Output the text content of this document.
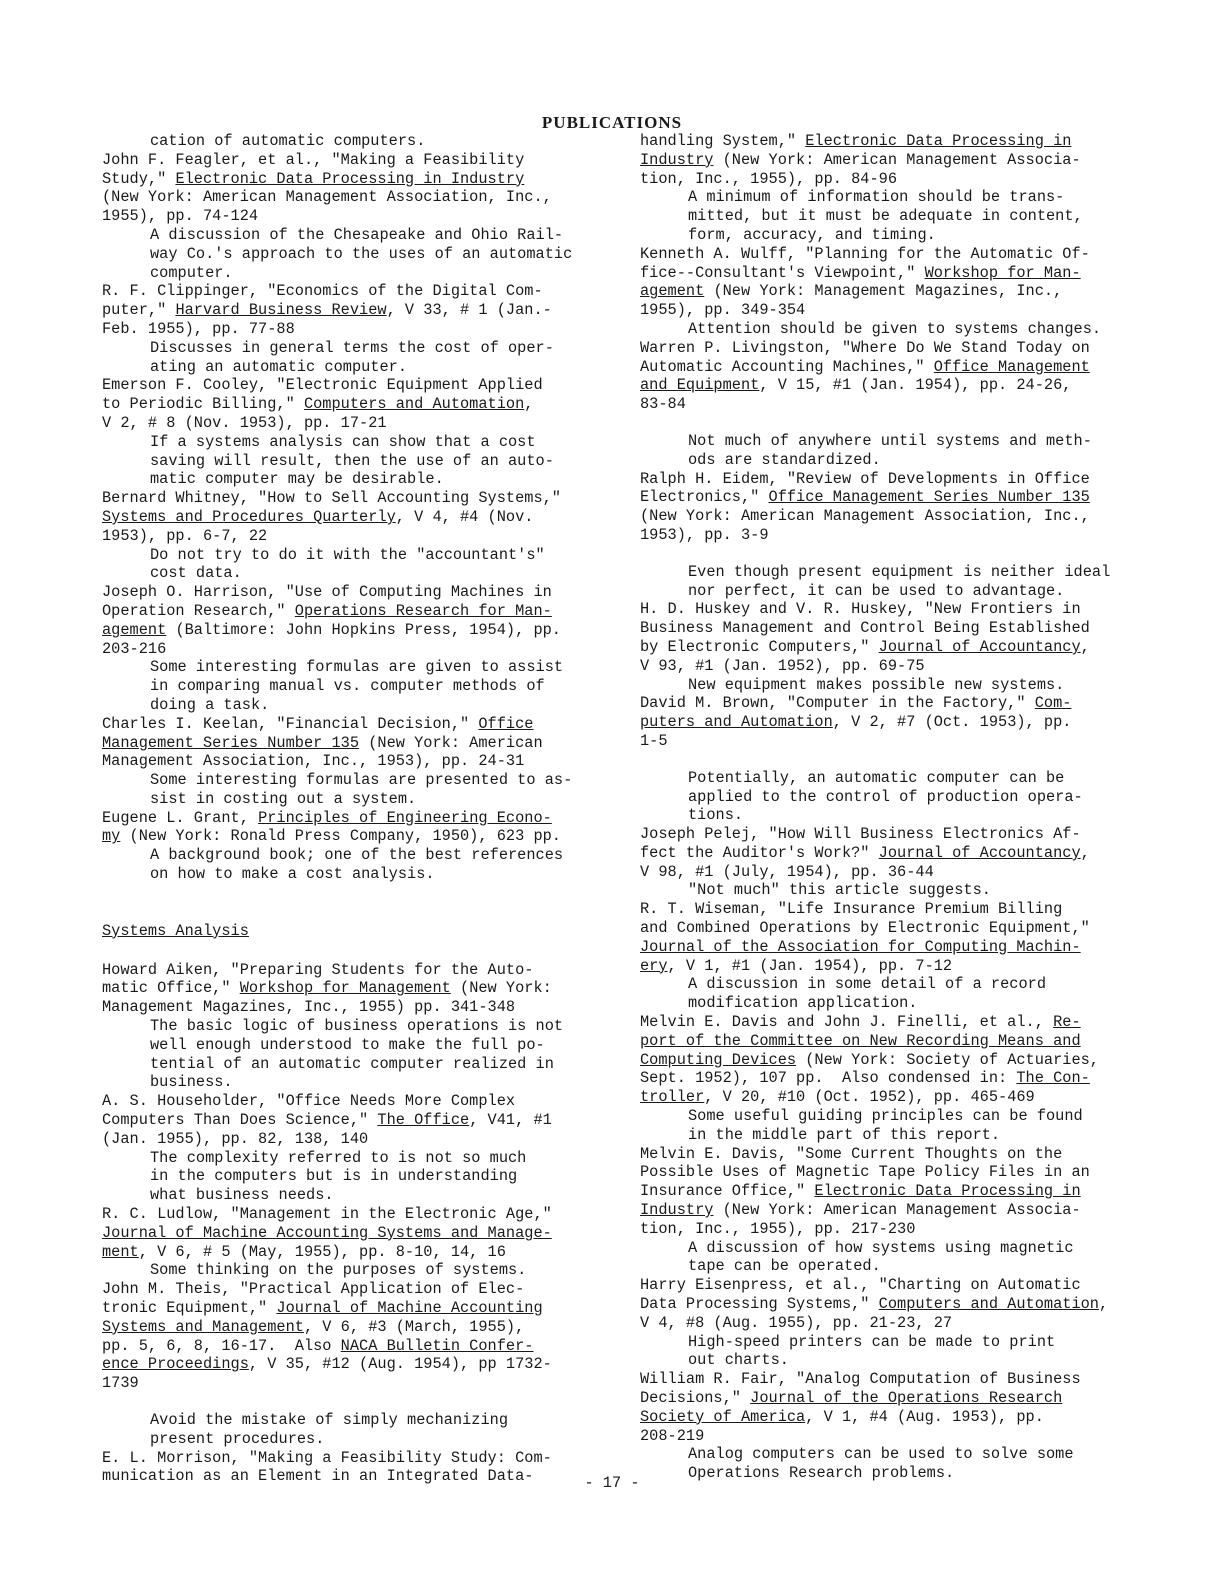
PUBLICATIONS
cation of automatic computers.
John F. Feagler, et al., "Making a Feasibility
Study," Electronic Data Processing in Industry
(New York: American Management Association, Inc.,
1955), pp. 74-124
A discussion of the Chesapeake and Ohio Rail-
way Co.'s approach to the uses of an automatic
computer.
R. F. Clippinger, "Economics of the Digital Com-
puter," Harvard Business Review, V 33, # 1 (Jan.-
Feb. 1955), pp. 77-88
Discusses in general terms the cost of oper-
ating an automatic computer.
Emerson F. Cooley, "Electronic Equipment Applied
to Periodic Billing," Computers and Automation,
V 2, # 8 (Nov. 1953), pp. 17-21
If a systems analysis can show that a cost
saving will result, then the use of an auto-
matic computer may be desirable.
Bernard Whitney, "How to Sell Accounting Systems,"
Systems and Procedures Quarterly, V 4, #4 (Nov.
1953), pp. 6-7, 22
Do not try to do it with the "accountant's"
cost data.
Joseph O. Harrison, "Use of Computing Machines in
Operation Research," Operations Research for Man-
agement (Baltimore: John Hopkins Press, 1954), pp.
203-216
Some interesting formulas are given to assist
in comparing manual vs. computer methods of
doing a task.
Charles I. Keelan, "Financial Decision," Office
Management Series Number 135 (New York: American
Management Association, Inc., 1953), pp. 24-31
Some interesting formulas are presented to as-
sist in costing out a system.
Eugene L. Grant, Principles of Engineering Econo-
my (New York: Ronald Press Company, 1950), 623 pp.
A background book; one of the best references
on how to make a cost analysis.
Systems Analysis
Howard Aiken, "Preparing Students for the Auto-
matic Office," Workshop for Management (New York:
Management Magazines, Inc., 1955) pp. 341-348
The basic logic of business operations is not
well enough understood to make the full po-
tential of an automatic computer realized in
business.
A. S. Householder, "Office Needs More Complex
Computers Than Does Science," The Office, V41, #1
(Jan. 1955), pp. 82, 138, 140
The complexity referred to is not so much
in the computers but is in understanding
what business needs.
R. C. Ludlow, "Management in the Electronic Age,"
Journal of Machine Accounting Systems and Manage-
ment, V 6, # 5 (May, 1955), pp. 8-10, 14, 16
Some thinking on the purposes of systems.
John M. Theis, "Practical Application of Elec-
tronic Equipment," Journal of Machine Accounting
Systems and Management, V 6, #3 (March, 1955),
pp. 5, 6, 8, 16-17.  Also NACA Bulletin Confer-
ence Proceedings, V 35, #12 (Aug. 1954), pp 1732-
1739
Avoid the mistake of simply mechanizing
present procedures.
E. L. Morrison, "Making a Feasibility Study: Com-
munication as an Element in an Integrated Data-
handling System," Electronic Data Processing in
Industry (New York: American Management Associa-
tion, Inc., 1955), pp. 84-96
A minimum of information should be trans-
mitted, but it must be adequate in content,
form, accuracy, and timing.
Kenneth A. Wulff, "Planning for the Automatic Of-
fice--Consultant's Viewpoint," Workshop for Man-
agement (New York: Management Magazines, Inc.,
1955), pp. 349-354
Attention should be given to systems changes.
Warren P. Livingston, "Where Do We Stand Today on
Automatic Accounting Machines," Office Management
and Equipment, V 15, #1 (Jan. 1954), pp. 24-26,
83-84
Not much of anywhere until systems and meth-
ods are standardized.
Ralph H. Eidem, "Review of Developments in Office
Electronics," Office Management Series Number 135
(New York: American Management Association, Inc.,
1953), pp. 3-9
Even though present equipment is neither ideal
nor perfect, it can be used to advantage.
H. D. Huskey and V. R. Huskey, "New Frontiers in
Business Management and Control Being Established
by Electronic Computers," Journal of Accountancy,
V 93, #1 (Jan. 1952), pp. 69-75
New equipment makes possible new systems.
David M. Brown, "Computer in the Factory," Com-
puters and Automation, V 2, #7 (Oct. 1953), pp.
1-5
Potentially, an automatic computer can be
applied to the control of production opera-
tions.
Joseph Pelej, "How Will Business Electronics Af-
fect the Auditor's Work?" Journal of Accountancy,
V 98, #1 (July, 1954), pp. 36-44
"Not much" this article suggests.
R. T. Wiseman, "Life Insurance Premium Billing
and Combined Operations by Electronic Equipment,"
Journal of the Association for Computing Machin-
ery, V 1, #1 (Jan. 1954), pp. 7-12
A discussion in some detail of a record
modification application.
Melvin E. Davis and John J. Finelli, et al., Re-
port of the Committee on New Recording Means and
Computing Devices (New York: Society of Actuaries,
Sept. 1952), 107 pp.  Also condensed in: The Con-
troller, V 20, #10 (Oct. 1952), pp. 465-469
Some useful guiding principles can be found
in the middle part of this report.
Melvin E. Davis, "Some Current Thoughts on the
Possible Uses of Magnetic Tape Policy Files in an
Insurance Office," Electronic Data Processing in
Industry (New York: American Management Associa-
tion, Inc., 1955), pp. 217-230
A discussion of how systems using magnetic
tape can be operated.
Harry Eisenpress, et al., "Charting on Automatic
Data Processing Systems," Computers and Automation,
V 4, #8 (Aug. 1955), pp. 21-23, 27
High-speed printers can be made to print
out charts.
William R. Fair, "Analog Computation of Business
Decisions," Journal of the Operations Research
Society of America, V 1, #4 (Aug. 1953), pp.
208-219
Analog computers can be used to solve some
Operations Research problems.
- 17 -
